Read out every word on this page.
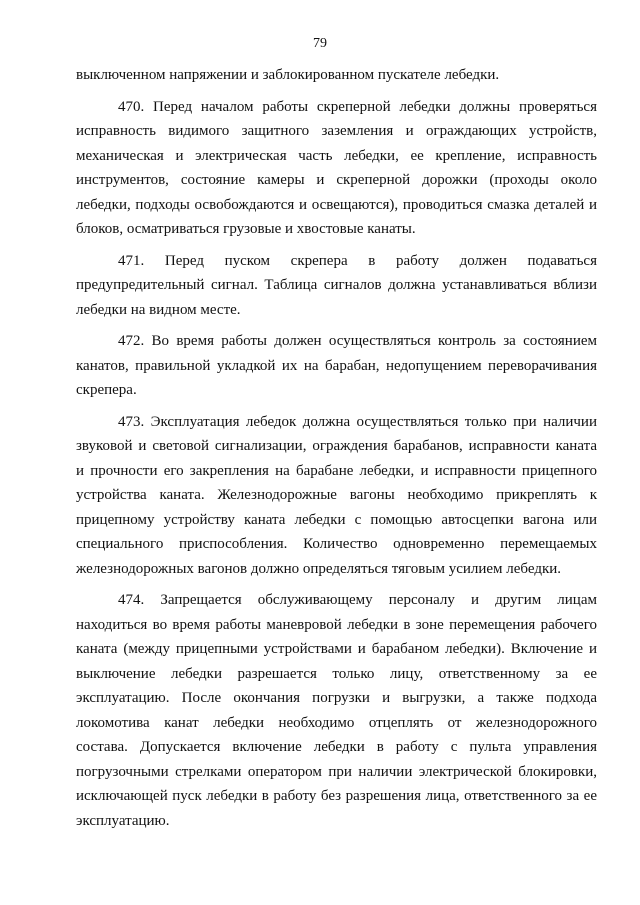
79
выключенном напряжении и заблокированном пускателе лебедки.
470. Перед началом работы скреперной лебедки должны проверяться
исправность видимого защитного заземления и ограждающих устройств,
механическая и электрическая часть лебедки, ее крепление, исправность
инструментов, состояние камеры и скреперной дорожки (проходы около
лебедки, подходы освобождаются и освещаются), проводиться смазка деталей и
блоков, осматриваться грузовые и хвостовые канаты.
471. Перед пуском скрепера в работу должен подаваться
предупредительный сигнал. Таблица сигналов должна устанавливаться вблизи
лебедки на видном месте.
472. Во время работы должен осуществляться контроль за состоянием
канатов, правильной укладкой их на барабан, недопущением переворачивания
скрепера.
473. Эксплуатация лебедок должна осуществляться только при наличии
звуковой и световой сигнализации, ограждения барабанов, исправности каната
и прочности его закрепления на барабане лебедки, и исправности прицепного
устройства каната. Железнодорожные вагоны необходимо прикреплять к
прицепному устройству каната лебедки с помощью автосцепки вагона или
специального приспособления. Количество одновременно перемещаемых
железнодорожных вагонов должно определяться тяговым усилием лебедки.
474. Запрещается обслуживающему персоналу и другим лицам
находиться во время работы маневровой лебедки в зоне перемещения рабочего
каната (между прицепными устройствами и барабаном лебедки). Включение и
выключение лебедки разрешается только лицу, ответственному за ее
эксплуатацию. После окончания погрузки и выгрузки, а также подхода
локомотива канат лебедки необходимо отцеплять от железнодорожного
состава. Допускается включение лебедки в работу с пульта управления
погрузочными стрелками оператором при наличии электрической блокировки,
исключающей пуск лебедки в работу без разрешения лица, ответственного за ее
эксплуатацию.
